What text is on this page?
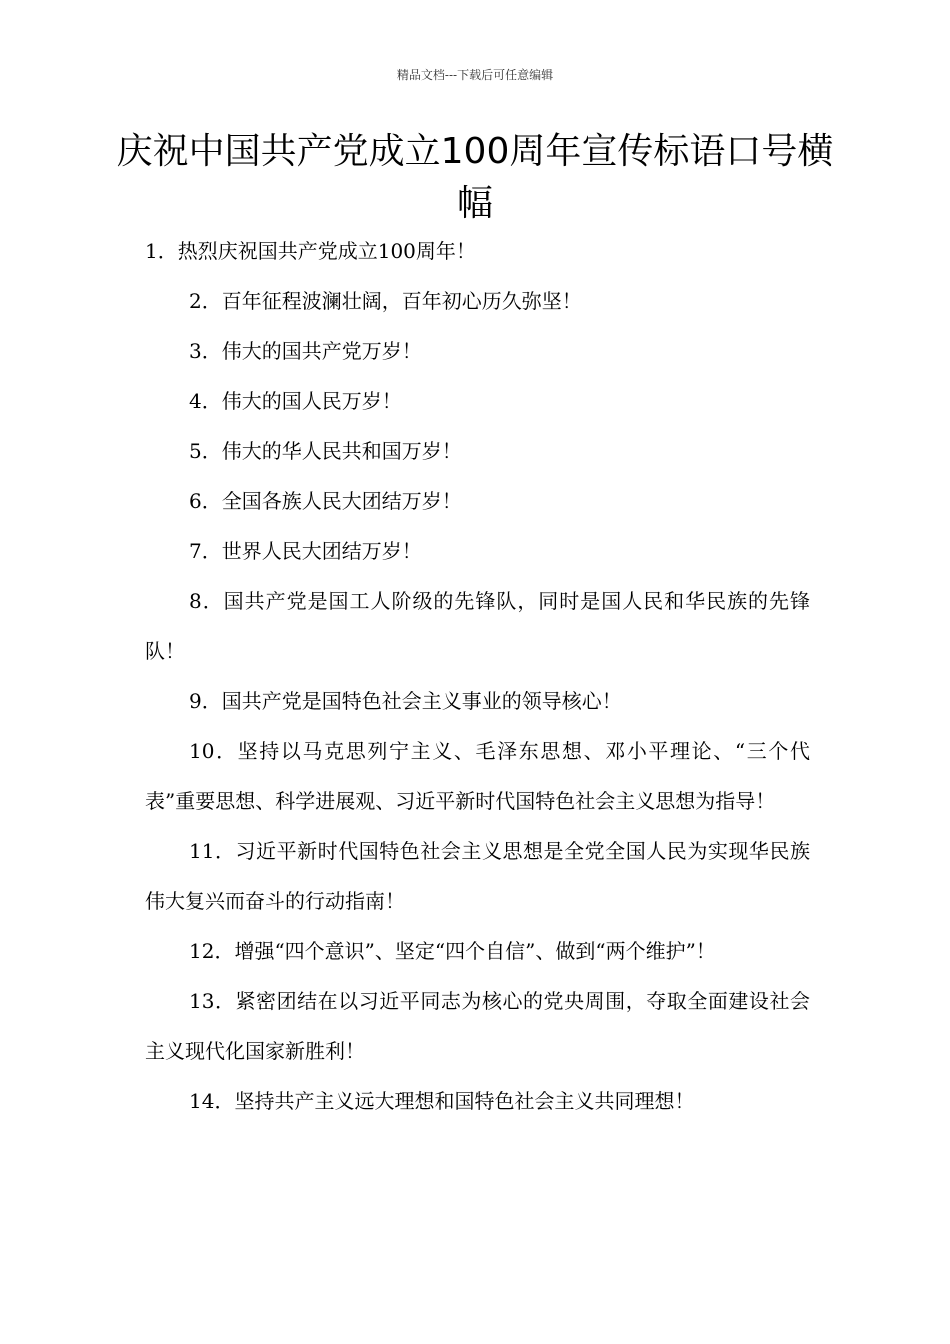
精品文档---下载后可任意编辑
庆祝中国共产党成立100周年宣传标语口号横幅

1．热烈庆祝国共产党成立100周年！

2．百年征程波澜壮阔，百年初心历久弥坚！

3．伟大的国共产党万岁！

4．伟大的国人民万岁！

5．伟大的华人民共和国万岁！

6．全国各族人民大团结万岁！

7．世界人民大团结万岁！

8．国共产党是国工人阶级的先锋队，同时是国人民和华民族的先锋队！

9．国共产党是国特色社会主义事业的领导核心！

10．坚持以马克思列宁主义、毛泽东思想、邓小平理论、“三个代表”重要思想、科学进展观、习近平新时代国特色社会主义思想为指导！

11．习近平新时代国特色社会主义思想是全党全国人民为实现华民族伟大复兴而奋斗的行动指南！

12．增强“四个意识”、坚定“四个自信”、做到“两个维护”！

13．紧密团结在以习近平同志为核心的党央周围，夺取全面建设社会主义现代化国家新胜利！

14．坚持共产主义远大理想和国特色社会主义共同理想！
